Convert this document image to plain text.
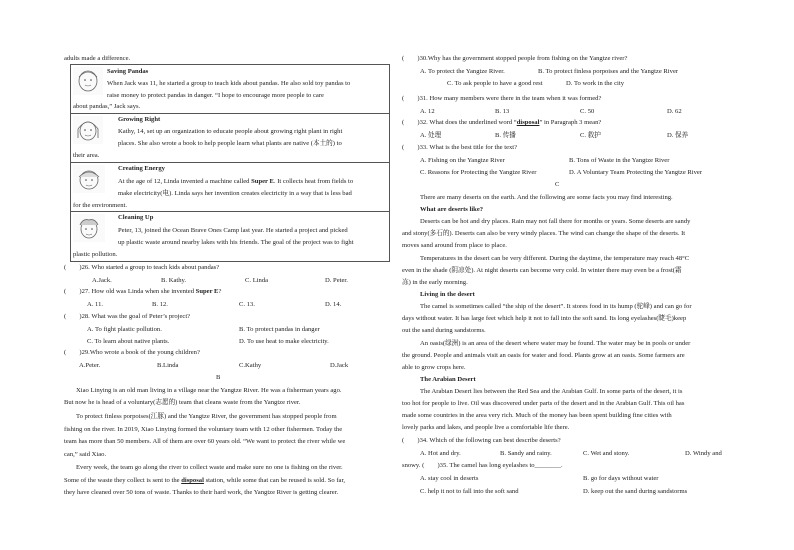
adults made a difference.
Saving Pandas
When Jack was 11, he started a group to teach kids about pandas. He also sold toy pandas to
raise money to protect pandas in danger. “I hope to encourage more people to care
about pandas,” Jack says.
Growing Right
Kathy, 14, set up an organization to educate people about growing right plant in right
places. She also wrote a book to help people learn what plants are native (本土的) to
their area.
Creating Energy
At the age of 12, Linda invented a machine called Super E. It collects heat from fields to
make electricity(电). Linda says her invention creates electricity in a way that is less bad
for the environment.
Cleaning Up
Peter, 13, joined the Ocean Brave Ones Camp last year. He started a project and picked
up plastic waste around nearby lakes with his friends. The goal of the project was to fight
plastic pollution.
(　　)26. Who started a group to teach kids about pandas?
A.Jack.	B. Kathy.	C. Linda	D. Peter.
(　　)27. How old was Linda when she invented Super E?
A. 11.	B. 12.	C. 13.	D. 14.
(　　)28. What was the goal of Peter’s project?
A. To fight plastic pollution.	B. To protect pandas in danger
C. To learn about native plants.	D. To use heat to make electricity.
(　　)29.Who wrote a book of the young children?
A.Peter.	B.Linda	C.Kathy	D.Jack
B
Xiao Linying is an old man living in a village near the Yangtze River. He was a fisherman years ago.
But now he is head of a voluntary(志愿的) team that cleans waste from the Yangtze river.
To protect finless porpoises(江豚) and the Yangtze River, the government has stopped people from
fishing on the river. In 2019, Xiao Linying formed the voluntary team with 12 other fishermen. Today the
team has more than 50 members. All of them are over 60 years old. “We want to protect the river while we
can,” said Xiao.
Every week, the team go along the river to collect waste and make sure no one is fishing on the river.
Some of the waste they collect is sent to the disposal station, while some that can be reused is sold. So far,
they have cleaned over 50 tons of waste. Thanks to their hard work, the Yangtze River is getting clearer.
(　　)30.Why has the government stopped people from fishing on the Yangtze river?
A. To protect the Yangtze River.	B. To protect finless porpoises and the Yangtze River
C. To ask people to have a good rest	D. To work in the city
(　　)31. How many members were there in the team when it was formed?
A. 12	B. 13	C. 50	D. 62
(　　)32. What does the underlined word “disposal” in Paragraph 3 mean?
A. 处理	B. 传播	C. 救护	D. 保养
(　　)33. What is the best title for the text?
A. Fishing on the Yangtze River	B. Tons of Waste in the Yangtze River
C. Reasons for Protecting the Yangtze River	D. A Voluntary Team Protecting the Yangtze River
C
There are many deserts on the earth. And the following are some facts you may find interesting.
What are deserts like?
Deserts can be hot and dry places. Rain may not fall there for months or years. Some deserts are sandy
and stony(多石的). Deserts can also be very windy places. The wind can change the shape of the deserts. It
moves sand around from place to place.
Temperatures in the desert can be very different. During the daytime, the temperature may reach 48°C
even in the shade (阴凉处). At night deserts can become very cold. In winter there may even be a frost(霜
冻) in the early morning.
Living in the desert
The camel is sometimes called “the ship of the desert”. It stores food in its hump (驼峰) and can go for
days without water. It has large feet which help it not to fall into the soft sand. Its long eyelashes(睫毛)keep
out the sand during sandstorms.
An oasis(绿洲) is an area of the desert where water may be found. The water may be in pools or under
the ground. People and animals visit an oasis for water and food. Plants grow at an oasis. Some farmers are
able to grow crops here.
The Arabian Desert
The Arabian Desert lies between the Red Sea and the Arabian Gulf. In some parts of the desert, it is
too hot for people to live. Oil was discovered under parts of the desert and in the Arabian Gulf. This oil has
made some countries in the area very rich. Much of the money has been spent building fine cities with
lovely parks and lakes, and people live a comfortable life there.
(　　)34. Which of the following can best describe deserts?
A. Hot and dry.	B. Sandy and rainy.	C. Wet and stony.	D. Windy and
snowy. (　　)35. The camel has long eyelashes to________.
A. stay cool in deserts	B. go for days without water
C. help it not to fall into the soft sand	D. keep out the sand during sandstorms
